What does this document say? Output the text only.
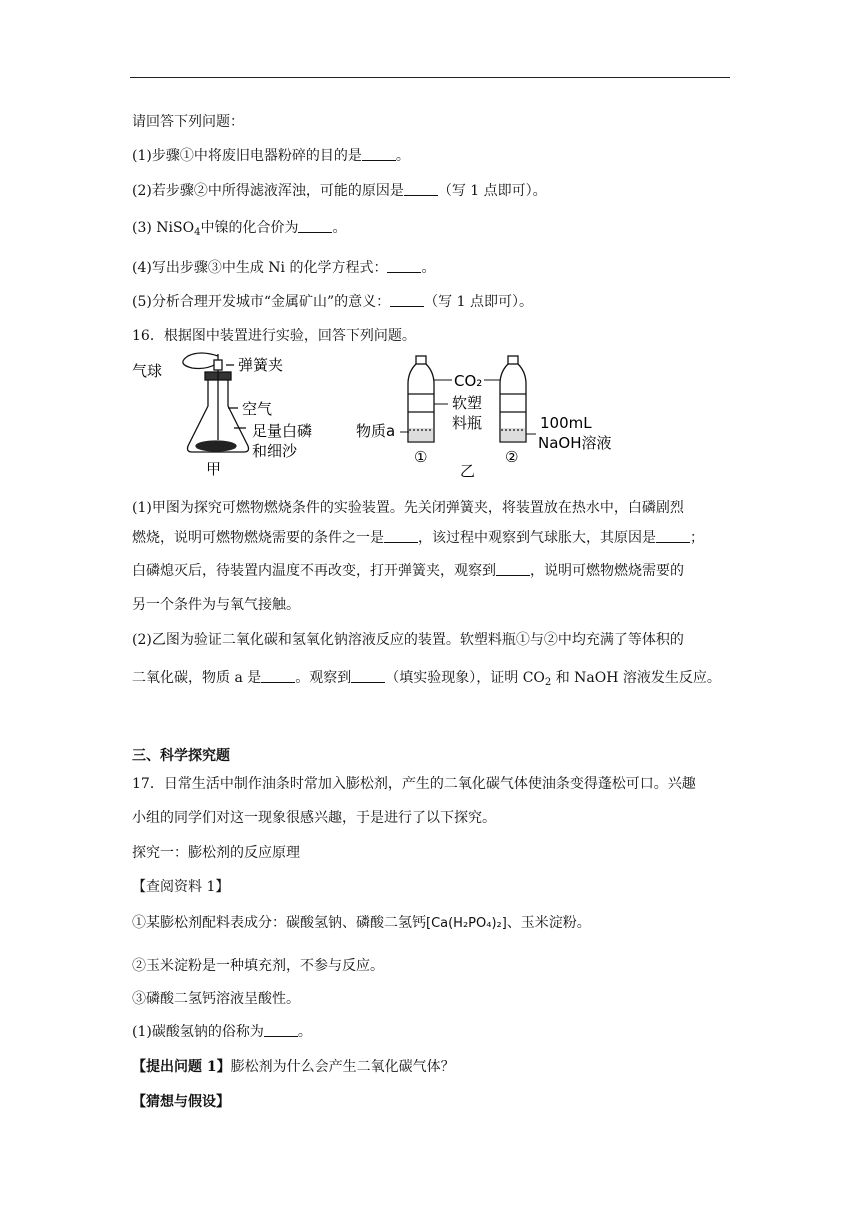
请回答下列问题：
(1)步骤①中将废旧电器粉碎的目的是 。
(2)若步骤②中所得滤液浑浊，可能的原因是 （写 1 点即可）。
(3) NiSO$_4$中镍的化合价为 。
(4)写出步骤③中生成 Ni 的化学方程式： 。
(5)分析合理开发城市“金属矿山”的意义： （写 1 点即可）。
16．根据图中装置进行实验，回答下列问题。
气球	弹簧夹
空气
足量白磷
和细沙
甲
CO₂
软塑
料瓶
物质a	100mL
NaOH溶液
①	②
乙
(1)甲图为探究可燃物燃烧条件的实验装置。先关闭弹簧夹，将装置放在热水中，白磷剧烈
燃烧，说明可燃物燃烧需要的条件之一是 ，该过程中观察到气球胀大，其原因是 ；
白磷熄灭后，待装置内温度不再改变，打开弹簧夹，观察到 ，说明可燃物燃烧需要的
另一个条件为与氧气接触。
(2)乙图为验证二氧化碳和氢氧化钠溶液反应的装置。软塑料瓶①与②中均充满了等体积的
二氧化碳，物质 a 是 。观察到 （填实验现象），证明 $CO_2$ 和 NaOH 溶液发生反应。
三、科学探究题
17．日常生活中制作油条时常加入膨松剂，产生的二氧化碳气体使油条变得蓬松可口。兴趣
小组的同学们对这一现象很感兴趣，于是进行了以下探究。
探究一：膨松剂的反应原理
【查阅资料 1】
①某膨松剂配料表成分：碳酸氢钠、磷酸二氢钙[Ca(H₂PO₄)₂]、玉米淀粉。
②玉米淀粉是一种填充剂，不参与反应。
③磷酸二氢钙溶液呈酸性。
(1)碳酸氢钠的俗称为 。
【提出问题 1】膨松剂为什么会产生二氧化碳气体？
【猜想与假设】
